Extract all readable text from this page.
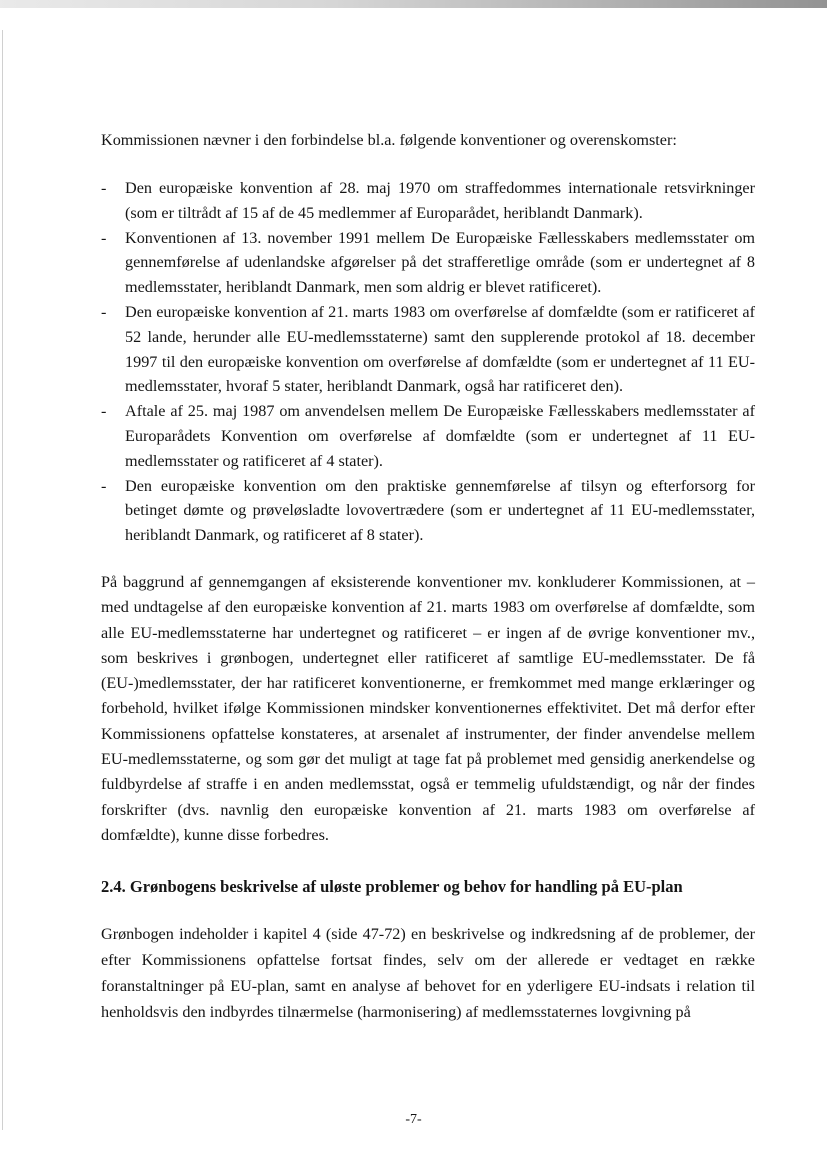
Kommissionen nævner i den forbindelse bl.a. følgende konventioner og overenskomster:

- Den europæiske konvention af 28. maj 1970 om straffedommes internationale retsvirkninger (som er tiltrådt af 15 af de 45 medlemmer af Europarådet, heriblandt Danmark).
- Konventionen af 13. november 1991 mellem De Europæiske Fællesskabers medlemsstater om gennemførelse af udenlandske afgørelser på det strafferetlige område (som er undertegnet af 8 medlemsstater, heriblandt Danmark, men som aldrig er blevet ratificeret).
- Den europæiske konvention af 21. marts 1983 om overførelse af domfældte (som er ratificeret af 52 lande, herunder alle EU-medlemsstaterne) samt den supplerende protokol af 18. december 1997 til den europæiske konvention om overførelse af domfældte (som er undertegnet af 11 EU-medlemsstater, hvoraf 5 stater, heriblandt Danmark, også har ratificeret den).
- Aftale af 25. maj 1987 om anvendelsen mellem De Europæiske Fællesskabers medlemsstater af Europarådets Konvention om overførelse af domfældte (som er undertegnet af 11 EU-medlemsstater og ratificeret af 4 stater).
- Den europæiske konvention om den praktiske gennemførelse af tilsyn og efterforsorg for betinget dømte og prøveløsladte lovovertrædere (som er undertegnet af 11 EU-medlemsstater, heriblandt Danmark, og ratificeret af 8 stater).

På baggrund af gennemgangen af eksisterende konventioner mv. konkluderer Kommissionen, at – med undtagelse af den europæiske konvention af 21. marts 1983 om overførelse af domfældte, som alle EU-medlemsstaterne har undertegnet og ratificeret – er ingen af de øvrige konventioner mv., som beskrives i grønbogen, undertegnet eller ratificeret af samtlige EU-medlemsstater. De få (EU-)medlemsstater, der har ratificeret konventionerne, er fremkommet med mange erklæringer og forbehold, hvilket ifølge Kommissionen mindsker konventionernes effektivitet. Det må derfor efter Kommissionens opfattelse konstateres, at arsenalet af instrumenter, der finder anvendelse mellem EU-medlemsstaterne, og som gør det muligt at tage fat på problemet med gensidig anerkendelse og fuldbyrdelse af straffe i en anden medlemsstat, også er temmelig ufuldstændigt, og når der findes forskrifter (dvs. navnlig den europæiske konvention af 21. marts 1983 om overførelse af domfældte), kunne disse forbedres.

2.4. Grønbogens beskrivelse af uløste problemer og behov for handling på EU-plan

Grønbogen indeholder i kapitel 4 (side 47-72) en beskrivelse og indkredsning af de problemer, der efter Kommissionens opfattelse fortsat findes, selv om der allerede er vedtaget en række foranstaltninger på EU-plan, samt en analyse af behovet for en yderligere EU-indsats i relation til henholdsvis den indbyrdes tilnærmelse (harmonisering) af medlemsstaternes lovgivning på

-7-
